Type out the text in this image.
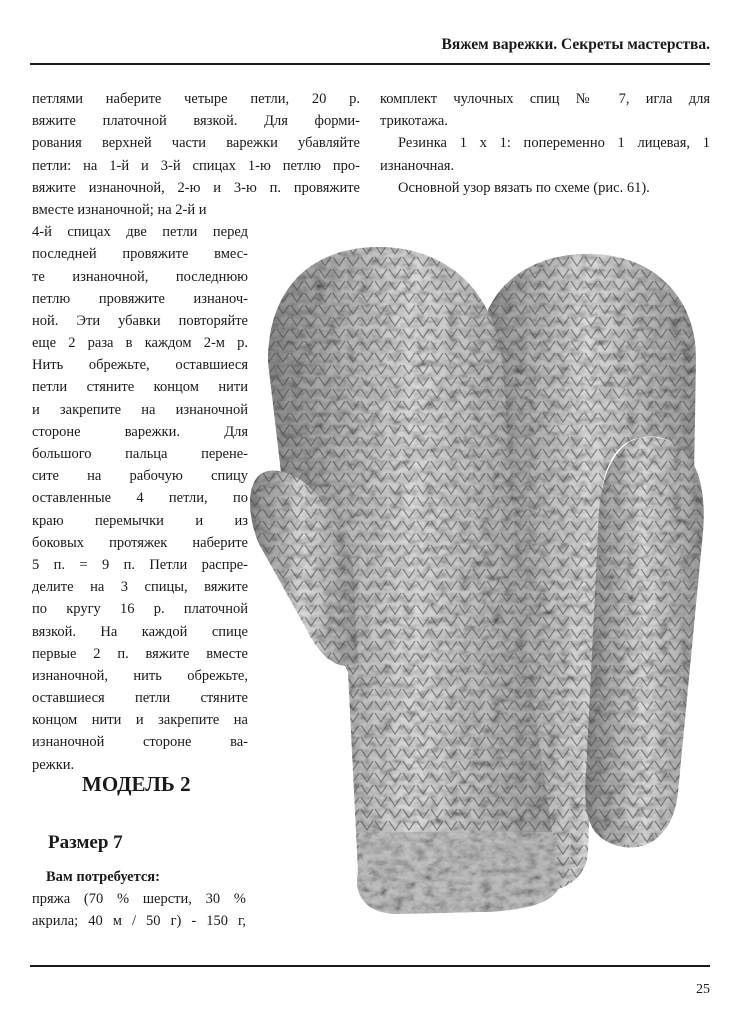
Вяжем варежки. Секреты мастерства.
петлями наберите четыре петли, 20 р.
вяжите платочной вязкой. Для форми-
рования верхней части варежки убавляйте
петли: на 1-й и 3-й спицах 1-ю петлю про-
вяжите изнаночной, 2-ю и 3-ю п. провяжите
вместе изнаночной; на 2-й и
4-й спицах две петли перед
последней провяжите вмес-
те изнаночной, последнюю
петлю провяжите изнаноч-
ной. Эти убавки повторяйте
еще 2 раза в каждом 2-м р.
Нить обрежьте, оставшиеся
петли стяните концом нити
и закрепите на изнаночной
стороне варежки. Для
большого пальца перене-
сите на рабочую спицу
оставленные 4 петли, по
краю перемычки и из
боковых протяжек наберите
5 п. = 9 п. Петли распре-
делите на 3 спицы, вяжите
по кругу 16 р. платочной
вязкой. На каждой спице
первые 2 п. вяжите вместе
изнаночной, нить обрежьте,
оставшиеся петли стяните
концом нити и закрепите на
изнаночной стороне ва-
режки.
комплект чулочных спиц № 7, игла для
трикотажа.
Резинка 1 х 1: попеременно 1 лицевая, 1
изнаночная.
Основной узор вязать по схеме (рис. 61).
МОДЕЛЬ 2
Размер 7
Вам потребуется:
пряжа (70 % шерсти, 30 %
акрила; 40 м / 50 г) - 150 г,
25
